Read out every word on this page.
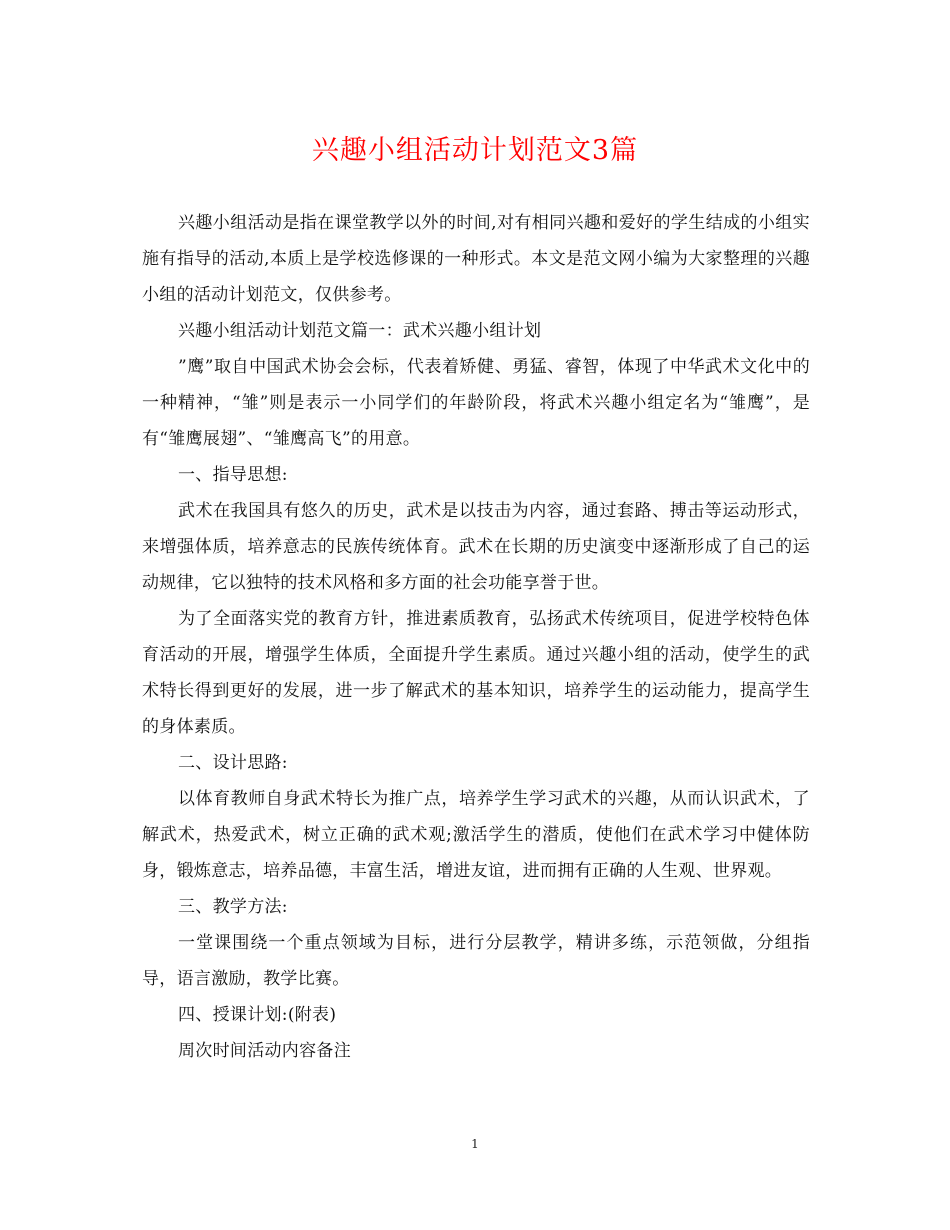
兴趣小组活动计划范文3篇

兴趣小组活动是指在课堂教学以外的时间,对有相同兴趣和爱好的学生结成的小组实施有指导的活动,本质上是学校选修课的一种形式。本文是范文网小编为大家整理的兴趣小组的活动计划范文，仅供参考。

兴趣小组活动计划范文篇一：武术兴趣小组计划

”鹰”取自中国武术协会会标，代表着矫健、勇猛、睿智，体现了中华武术文化中的一种精神，“雏”则是表示一小同学们的年龄阶段，将武术兴趣小组定名为“雏鹰”，是有“雏鹰展翅”、“雏鹰高飞”的用意。

一、指导思想:

武术在我国具有悠久的历史，武术是以技击为内容，通过套路、搏击等运动形式，来增强体质，培养意志的民族传统体育。武术在长期的历史演变中逐渐形成了自己的运动规律，它以独特的技术风格和多方面的社会功能享誉于世。

为了全面落实党的教育方针，推进素质教育，弘扬武术传统项目，促进学校特色体育活动的开展，增强学生体质，全面提升学生素质。通过兴趣小组的活动，使学生的武术特长得到更好的发展，进一步了解武术的基本知识，培养学生的运动能力，提高学生的身体素质。

二、设计思路:

以体育教师自身武术特长为推广点，培养学生学习武术的兴趣，从而认识武术，了解武术，热爱武术，树立正确的武术观;激活学生的潜质，使他们在武术学习中健体防身，锻炼意志，培养品德，丰富生活，增进友谊，进而拥有正确的人生观、世界观。

三、教学方法:

一堂课围绕一个重点领域为目标，进行分层教学，精讲多练，示范领做，分组指导，语言激励，教学比赛。

四、授课计划:(附表)

周次时间活动内容备注

1
